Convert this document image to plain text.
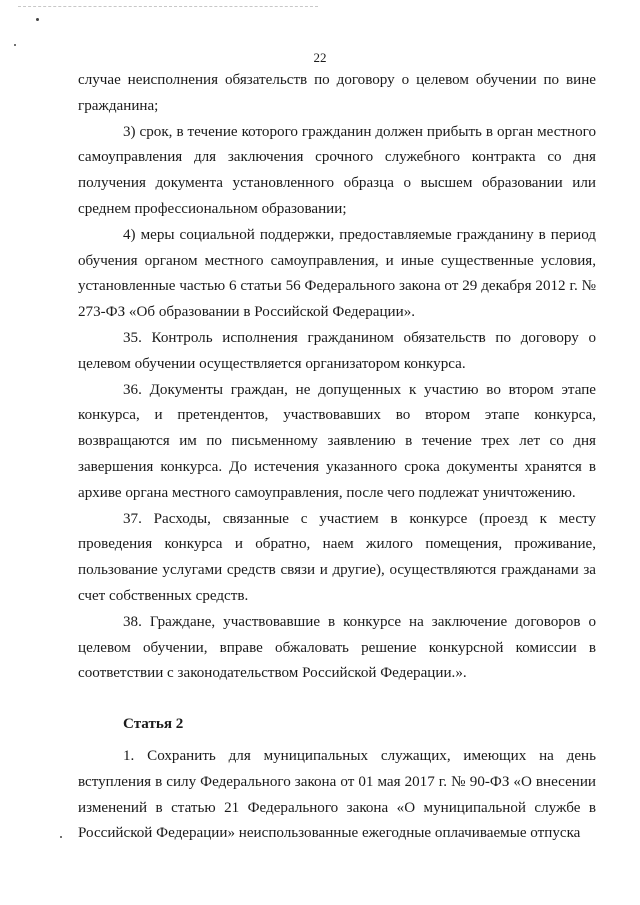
22

случае неисполнения обязательств по договору о целевом обучении по вине гражданина;

3) срок, в течение которого гражданин должен прибыть в орган местного самоуправления для заключения срочного служебного контракта со дня получения документа установленного образца о высшем образовании или среднем профессиональном образовании;

4) меры социальной поддержки, предоставляемые гражданину в период обучения органом местного самоуправления, и иные существенные условия, установленные частью 6 статьи 56 Федерального закона от 29 декабря 2012 г. № 273-ФЗ «Об образовании в Российской Федерации».

35. Контроль исполнения гражданином обязательств по договору о целевом обучении осуществляется организатором конкурса.

36. Документы граждан, не допущенных к участию во втором этапе конкурса, и претендентов, участвовавших во втором этапе конкурса, возвращаются им по письменному заявлению в течение трех лет со дня завершения конкурса. До истечения указанного срока документы хранятся в архиве органа местного самоуправления, после чего подлежат уничтожению.

37. Расходы, связанные с участием в конкурсе (проезд к месту проведения конкурса и обратно, наем жилого помещения, проживание, пользование услугами средств связи и другие), осуществляются гражданами за счет собственных средств.

38. Граждане, участвовавшие в конкурсе на заключение договоров о целевом обучении, вправе обжаловать решение конкурсной комиссии в соответствии с законодательством Российской Федерации.».

Статья 2

1. Сохранить для муниципальных служащих, имеющих на день вступления в силу Федерального закона от 01 мая 2017 г. № 90-ФЗ «О внесении изменений в статью 21 Федерального закона «О муниципальной службе в Российской Федерации» неиспользованные ежегодные оплачиваемые отпуска
